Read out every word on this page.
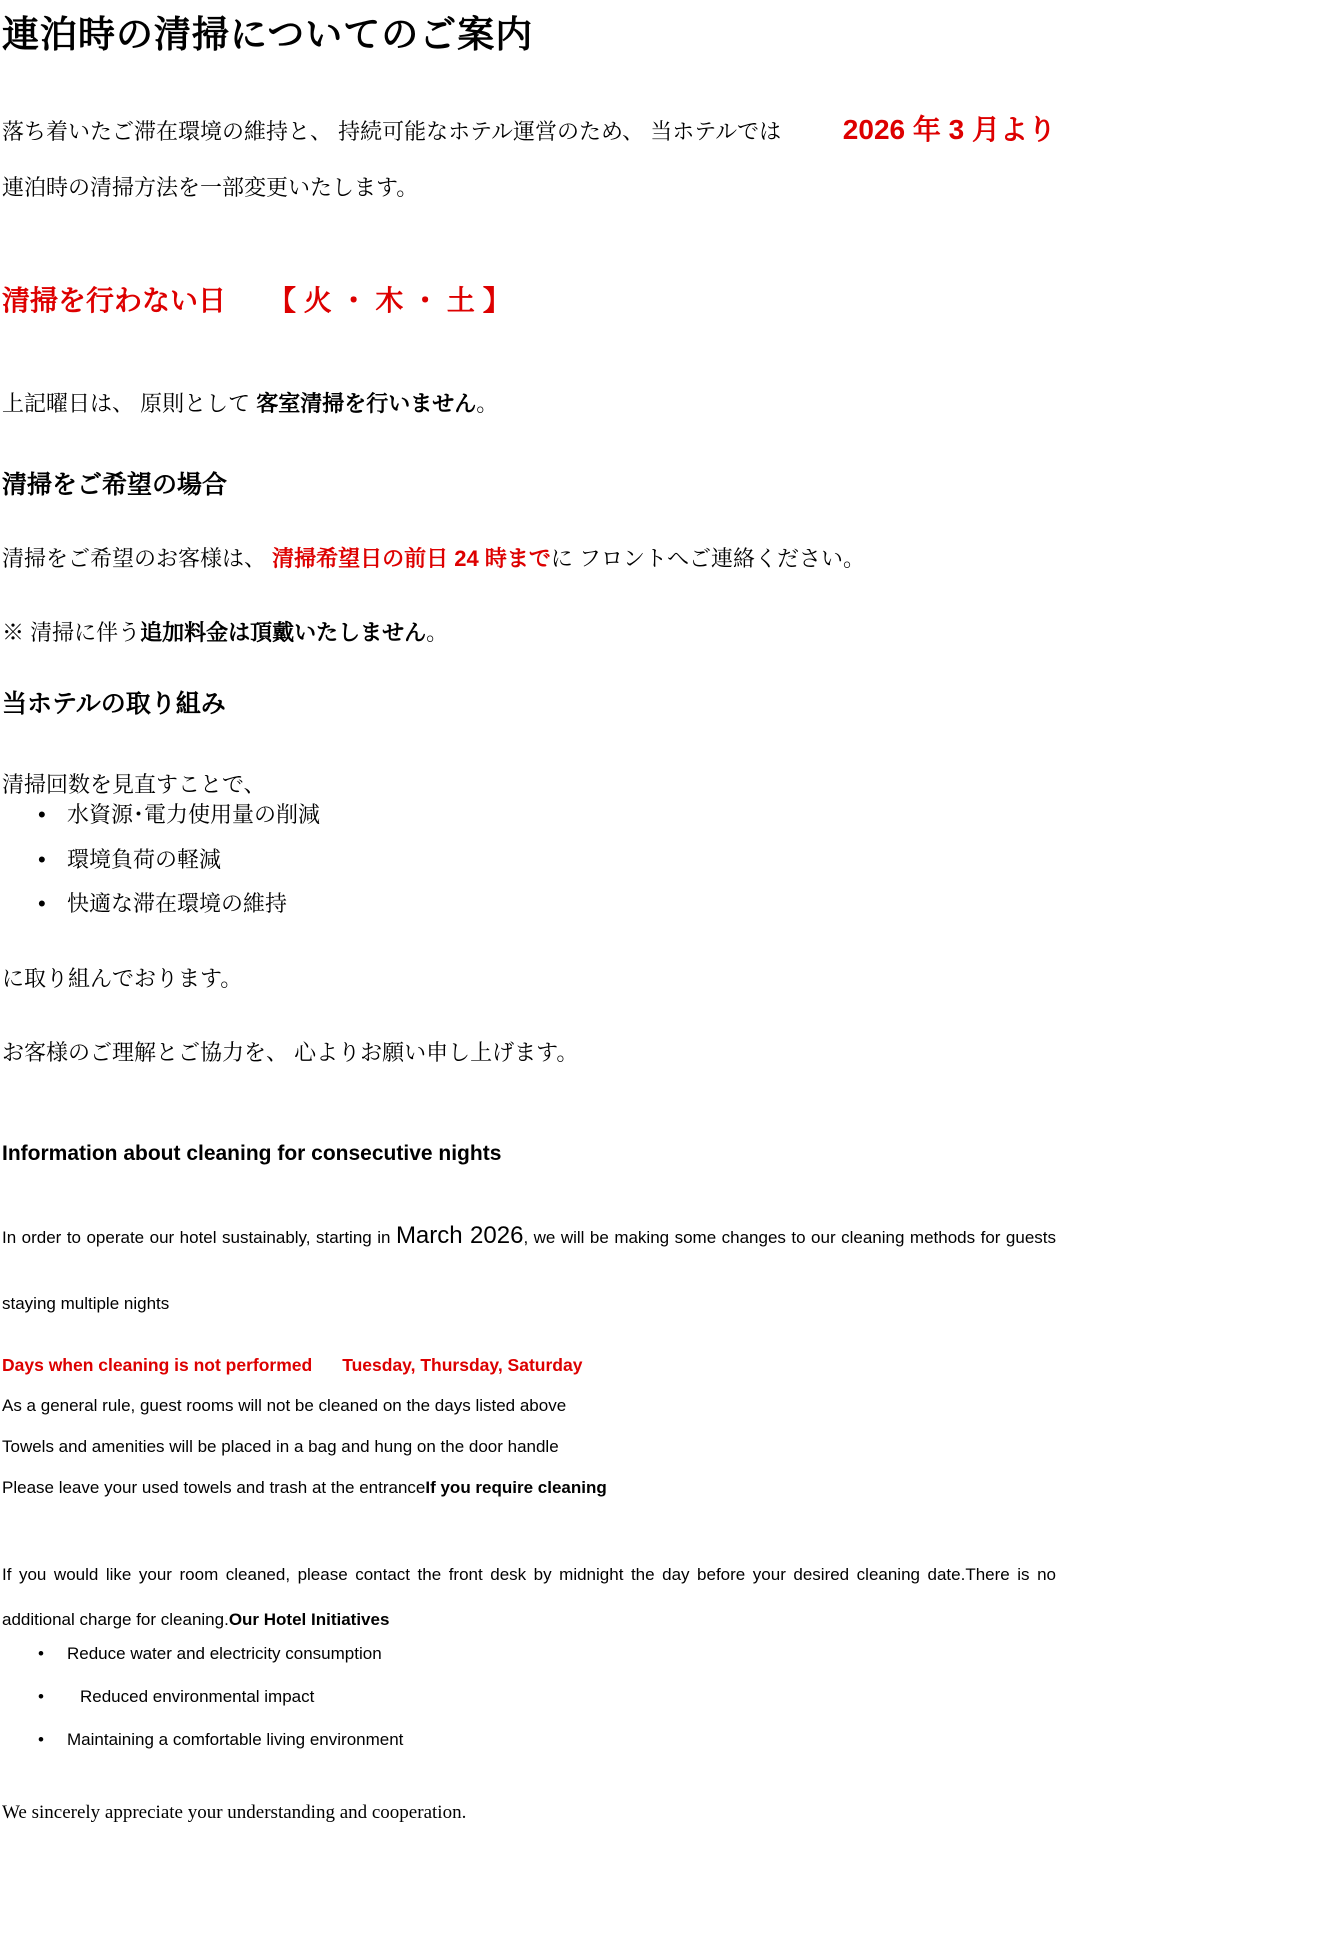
連泊時の清掃についてのご案内
落ち着いたご滞在環境の維持と、 持続可能なホテル運営のため、 当ホテルでは 2026 年 3 月より

連泊時の清掃方法を一部変更いたします。

清掃を行わない日 【 火 ・ 木 ・ 土 】

上記曜日は、 原則として 客室清掃を行いません。

清掃をご希望の場合

清掃をご希望のお客様は、 清掃希望日の前日 24 時までに フロントへご連絡ください。

※ 清掃に伴う追加料金は頂戴いたしません。

当ホテルの取り組み

清掃回数を見直すことで、

• 水資源･電力使用量の削減
• 環境負荷の軽減
• 快適な滞在環境の維持

に取り組んでおります。

お客様のご理解とご協力を、 心よりお願い申し上げます。

Information about cleaning for consecutive nights

In order to operate our hotel sustainably, starting in March 2026, we will be making some changes to our cleaning methods for guests staying multiple nights

Days when cleaning is not performed Tuesday, Thursday, Saturday

As a general rule, guest rooms will not be cleaned on the days listed above

Towels and amenities will be placed in a bag and hung on the door handle

Please leave your used towels and trash at the entranceIf you require cleaning

If you would like your room cleaned, please contact the front desk by midnight the day before your desired cleaning date.There is no additional charge for cleaning.Our Hotel Initiatives

• Reduce water and electricity consumption
• Reduced environmental impact
• Maintaining a comfortable living environment

We sincerely appreciate your understanding and cooperation.
